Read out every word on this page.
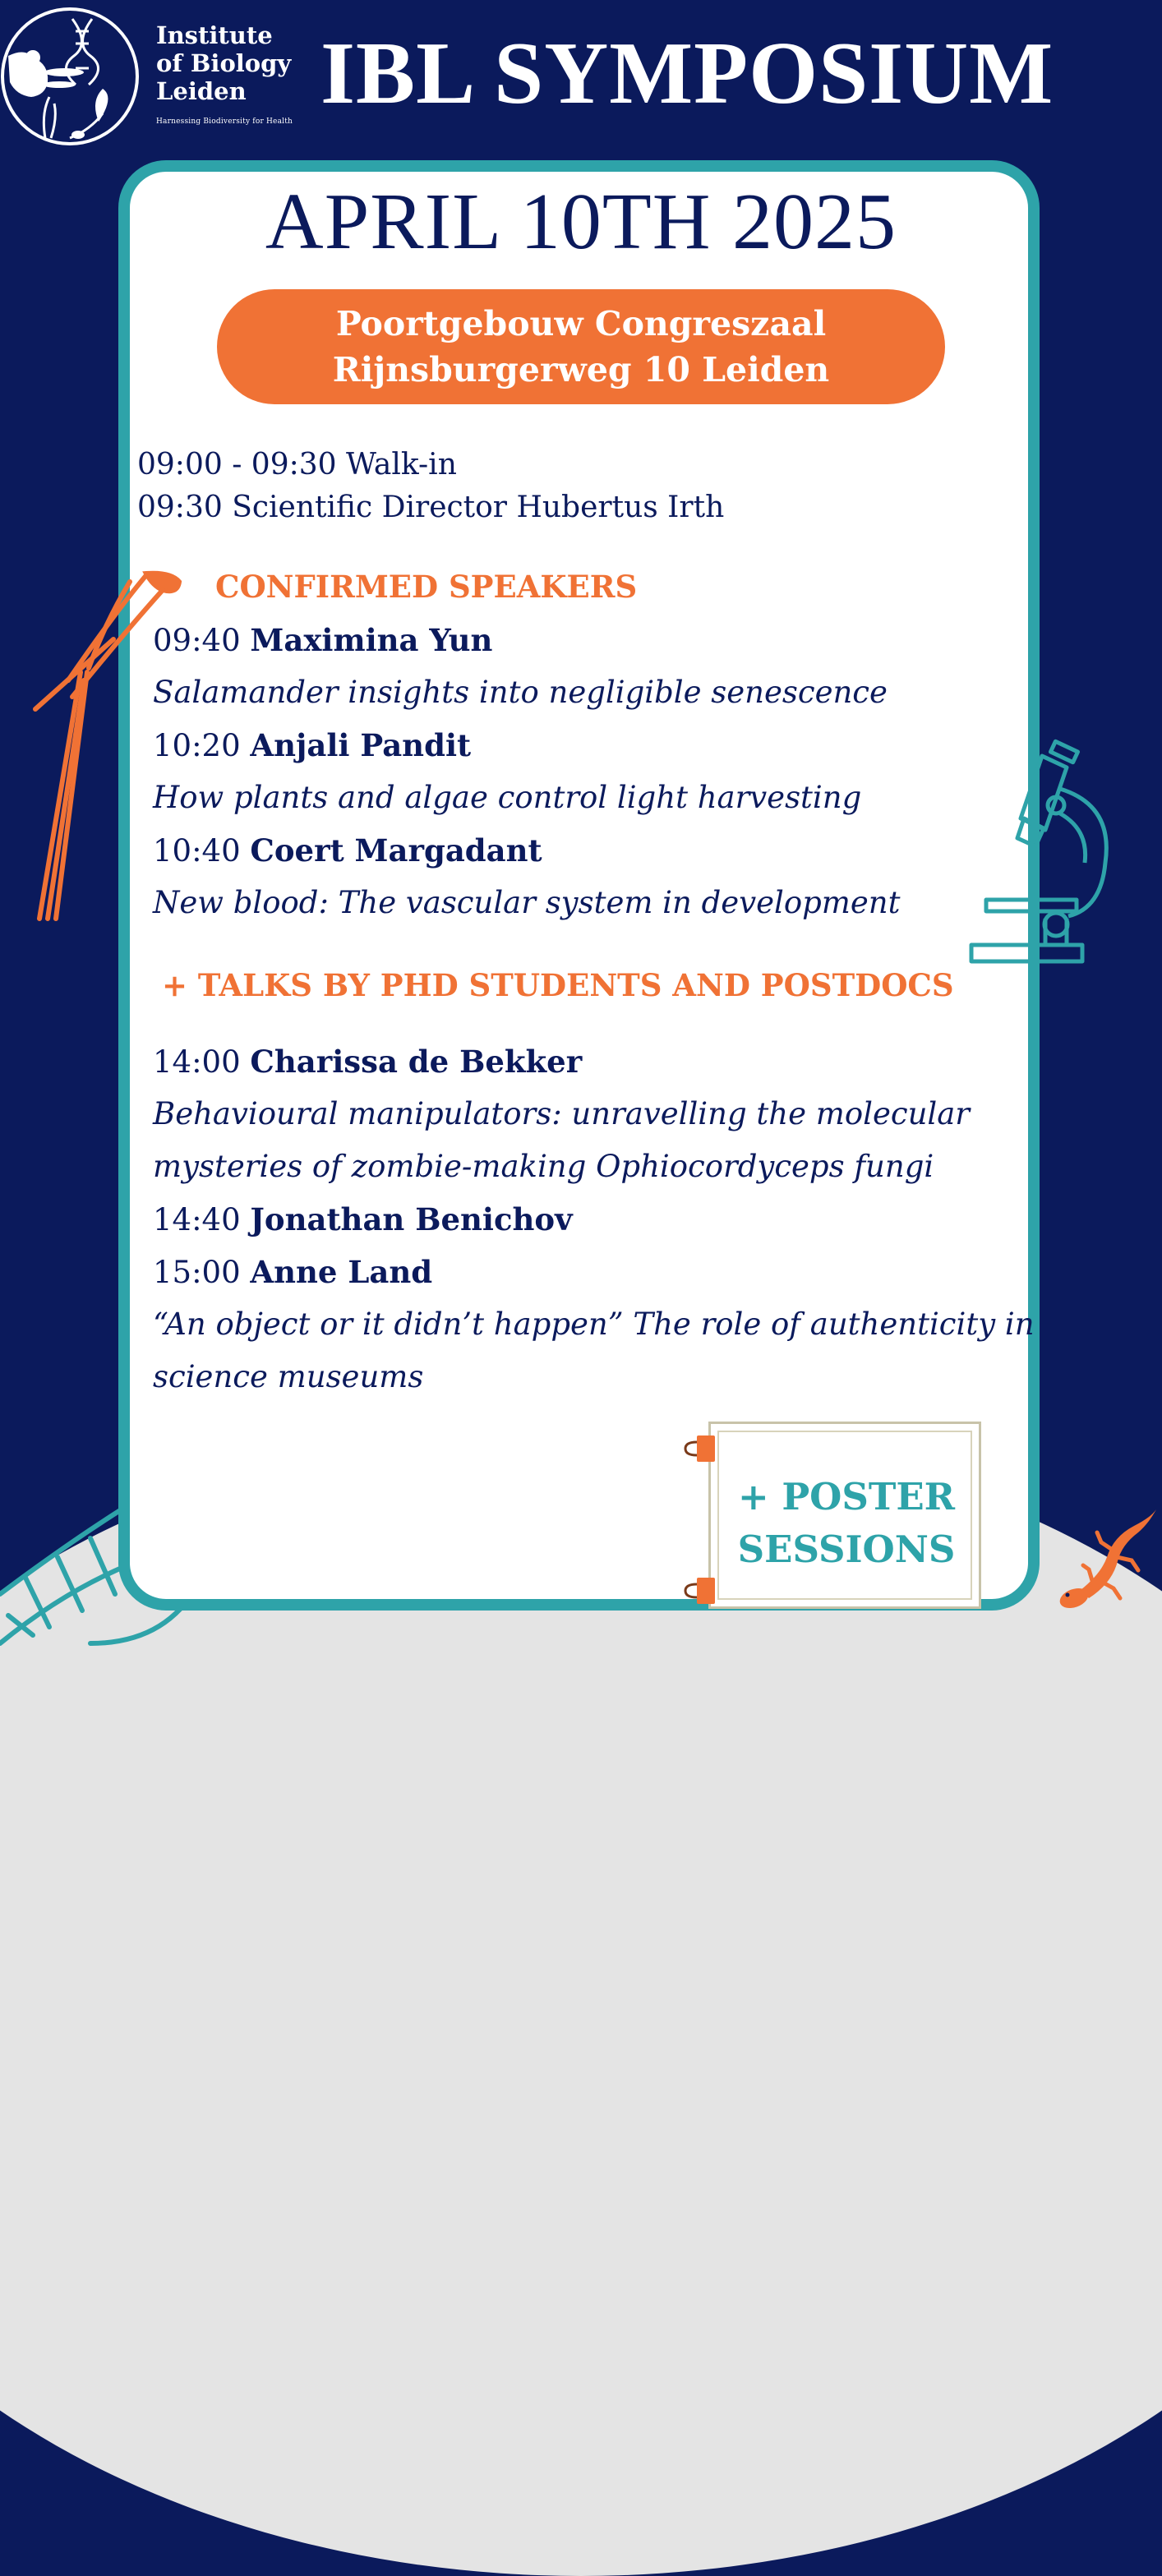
Institute
of Biology
Leiden
Harnessing Biodiversity for Health IBL SYMPOSIUM
APRIL 10TH 2025
Poortgebouw Congreszaal
Rijnsburgerweg 10 Leiden
09:00 - 09:30 Walk-in
09:30 Scientific Director Hubertus Irth
CONFIRMED SPEAKERS
09:40 Maximina Yun
Salamander insights into negligible senescence
10:20 Anjali Pandit
How plants and algae control light harvesting
10:40 Coert Margadant
New blood: The vascular system in development
+ TALKS BY PHD STUDENTS AND POSTDOCS
14:00 Charissa de Bekker
Behavioural manipulators: unravelling the molecular
mysteries of zombie-making Ophiocordyceps fungi
14:40 Jonathan Benichov
15:00 Anne Land
“An object or it didn’t happen” The role of authenticity in
science museums
+ POSTER
SESSIONS
